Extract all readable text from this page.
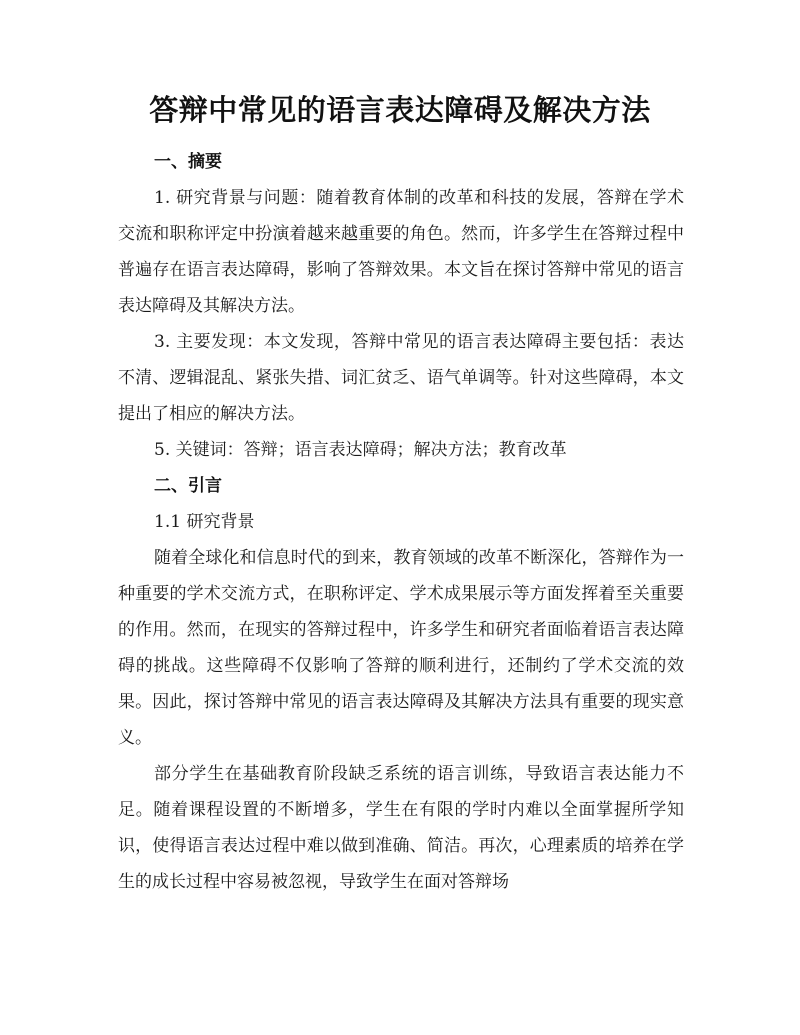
答辩中常见的语言表达障碍及解决方法
一、摘要

1. 研究背景与问题：随着教育体制的改革和科技的发展，答辩在学术交流和职称评定中扮演着越来越重要的角色。然而，许多学生在答辩过程中普遍存在语言表达障碍，影响了答辩效果。本文旨在探讨答辩中常见的语言表达障碍及其解决方法。

3. 主要发现：本文发现，答辩中常见的语言表达障碍主要包括：表达不清、逻辑混乱、紧张失措、词汇贫乏、语气单调等。针对这些障碍，本文提出了相应的解决方法。

5. 关键词：答辩；语言表达障碍；解决方法；教育改革

二、引言

1.1 研究背景

随着全球化和信息时代的到来，教育领域的改革不断深化，答辩作为一种重要的学术交流方式，在职称评定、学术成果展示等方面发挥着至关重要的作用。然而，在现实的答辩过程中，许多学生和研究者面临着语言表达障碍的挑战。这些障碍不仅影响了答辩的顺利进行，还制约了学术交流的效果。因此，探讨答辩中常见的语言表达障碍及其解决方法具有重要的现实意义。

部分学生在基础教育阶段缺乏系统的语言训练，导致语言表达能力不足。随着课程设置的不断增多，学生在有限的学时内难以全面掌握所学知识，使得语言表达过程中难以做到准确、简洁。再次，心理素质的培养在学生的成长过程中容易被忽视，导致学生在面对答辩场
